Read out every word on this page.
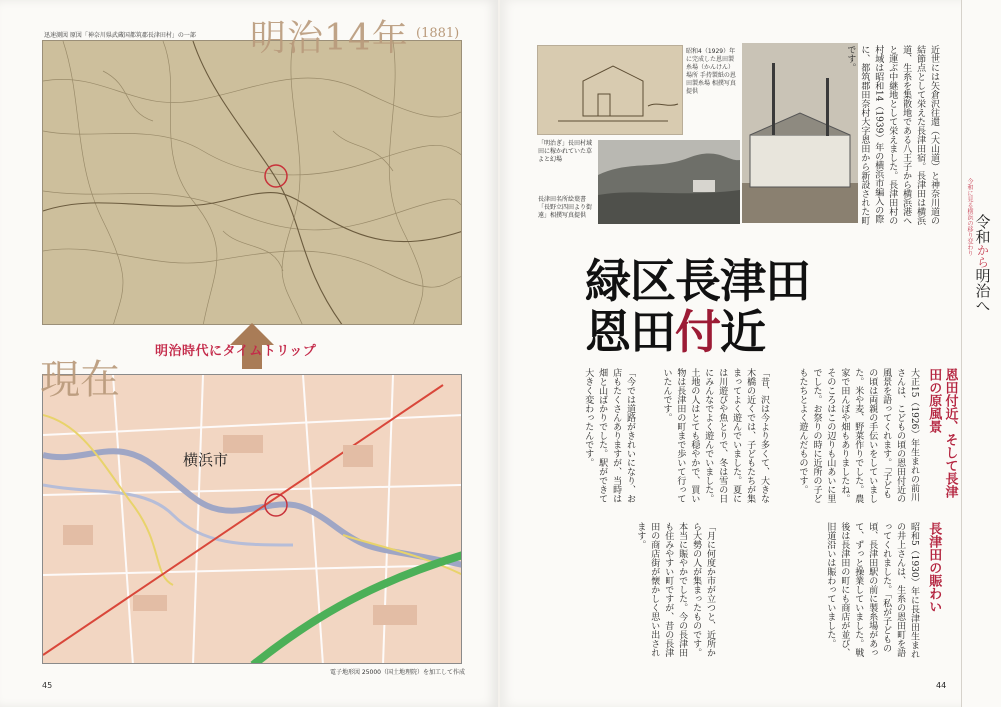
迅速測図 原図「神奈川県武蔵国都筑郡長津田村」の一部 明治14年 (1881)
明治時代にタイムトリップ
横浜市
現在
電子地形図 25000（国土地理院）を加工して作成
45
昭和4（1929）年に完成した恩田製糸場（かんけん）場所 手持製紙の恩田製糸場 相撲写真提供
「明治ぎ」長田村域 田に稼かれていた草よと幻場
長津田名所絵葉書「長野立四田より街遠」相撲写真提供	近世には矢倉沢往還（大山道）と神奈川道の結節点として栄えた長津田宿。長津田は横浜道、生糸を集散地である八王子から横浜港へと運ぶ中継地として栄えました。長津田村の村域は昭和14（1939）年の横浜市編入の際に、都筑郡田奈村大字恩田から新設された町です。
緑区長津田
恩田付近
恩田付近、そして長津田の原風景
大正15（1926）年生まれの前川さんは、こどもの頃の恩田付近の風景を語ってくれます。「子どもの頃は両親の手伝いをしていました。米や麦、野菜作りでした。農家で田んぼや畑もありましたね。そのころはこの辺りも山あいに里でした。お祭りの時に近所の子どもたちとよく遊んだものです。
「昔、沢は今より多くて、大きな木橋の近くでは、子どもたちが集まってよく遊んでいました。夏には川遊びや魚とりで、冬は雪の日にみんなでよく遊んでいました。土地の人はとても穏やかで、買い物は長津田の町まで歩いて行っていたんです。
「今では道路がきれいになり、お店もたくさんありますが、当時は畑と山ばかりでした。駅ができて大きく変わったんです。
長津田の賑わい
昭和5（1930）年に長津田生まれの井上さんは、生糸の恩田町を語ってくれました。「私が子どもの頃、長津田駅の前に製糸場があって、ずっと操業していました。戦後は長津田の町にも商店が並び、旧道沿いは賑わっていました。
「月に何度か市が立つと、近所から大勢の人が集まったものです。本当に賑やかでした。今の長津田も住みやすい町ですが、昔の長津田の商店街が懐かしく思い出されます。
令和に見る横浜の移り変わり 令和から明治へ
44
